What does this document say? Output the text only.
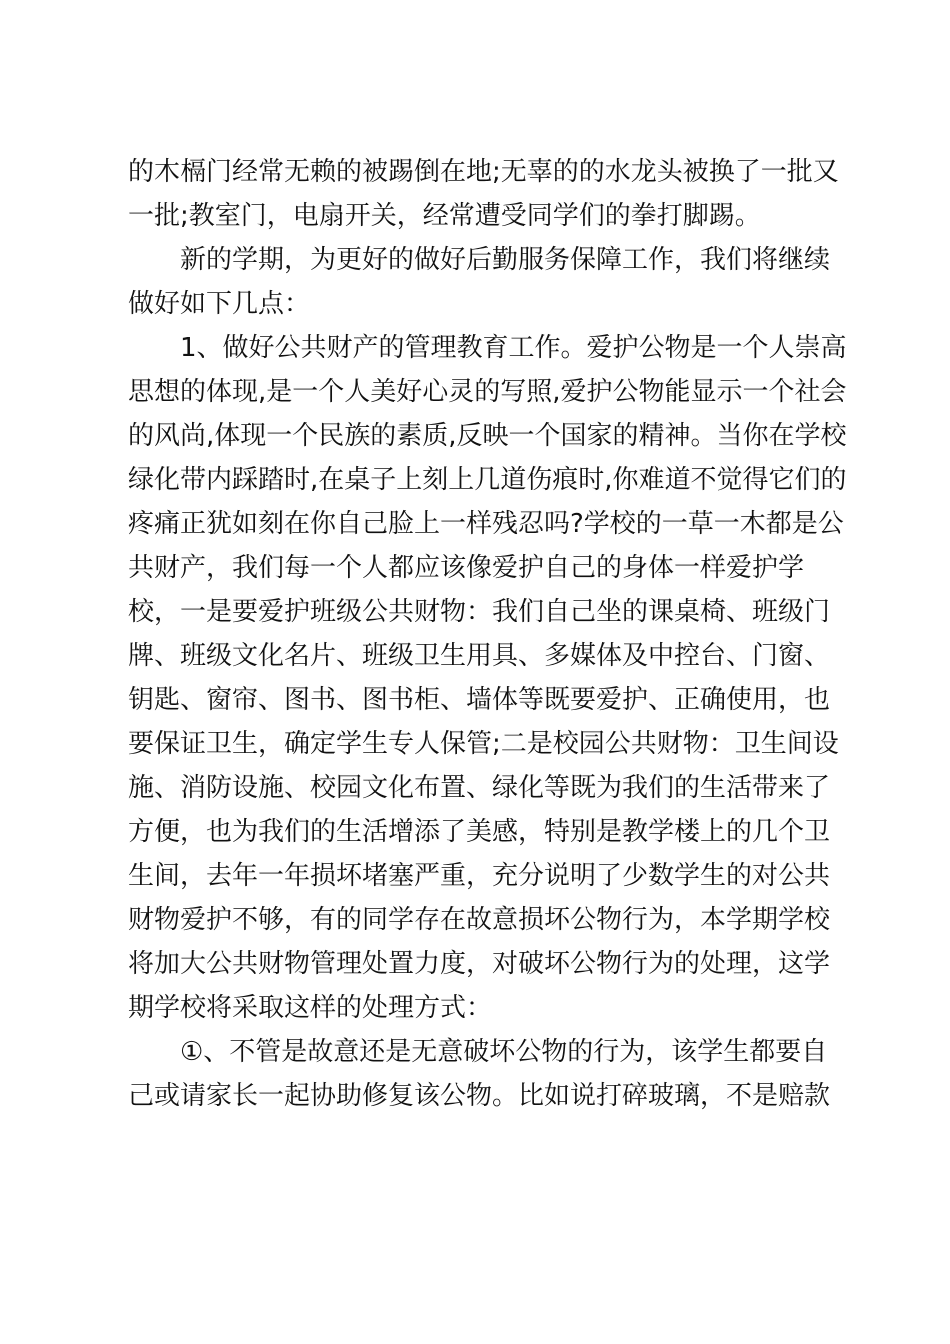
的木槅门经常无赖的被踢倒在地;无辜的的水龙头被换了一批又
一批;教室门，电扇开关，经常遭受同学们的拳打脚踢。
新的学期，为更好的做好后勤服务保障工作，我们将继续
做好如下几点：
1、做好公共财产的管理教育工作。爱护公物是一个人崇高
思想的体现,是一个人美好心灵的写照,爱护公物能显示一个社会
的风尚,体现一个民族的素质,反映一个国家的精神。当你在学校
绿化带内踩踏时,在桌子上刻上几道伤痕时,你难道不觉得它们的
疼痛正犹如刻在你自己脸上一样残忍吗?学校的一草一木都是公
共财产，我们每一个人都应该像爱护自己的身体一样爱护学
校，一是要爱护班级公共财物：我们自己坐的课桌椅、班级门
牌、班级文化名片、班级卫生用具、多媒体及中控台、门窗、
钥匙、窗帘、图书、图书柜、墙体等既要爱护、正确使用，也
要保证卫生，确定学生专人保管;二是校园公共财物：卫生间设
施、消防设施、校园文化布置、绿化等既为我们的生活带来了
方便，也为我们的生活增添了美感，特别是教学楼上的几个卫
生间，去年一年损坏堵塞严重，充分说明了少数学生的对公共
财物爱护不够，有的同学存在故意损坏公物行为，本学期学校
将加大公共财物管理处置力度，对破坏公物行为的处理，这学
期学校将采取这样的处理方式：
①、不管是故意还是无意破坏公物的行为，该学生都要自
己或请家长一起协助修复该公物。比如说打碎玻璃，不是赔款
